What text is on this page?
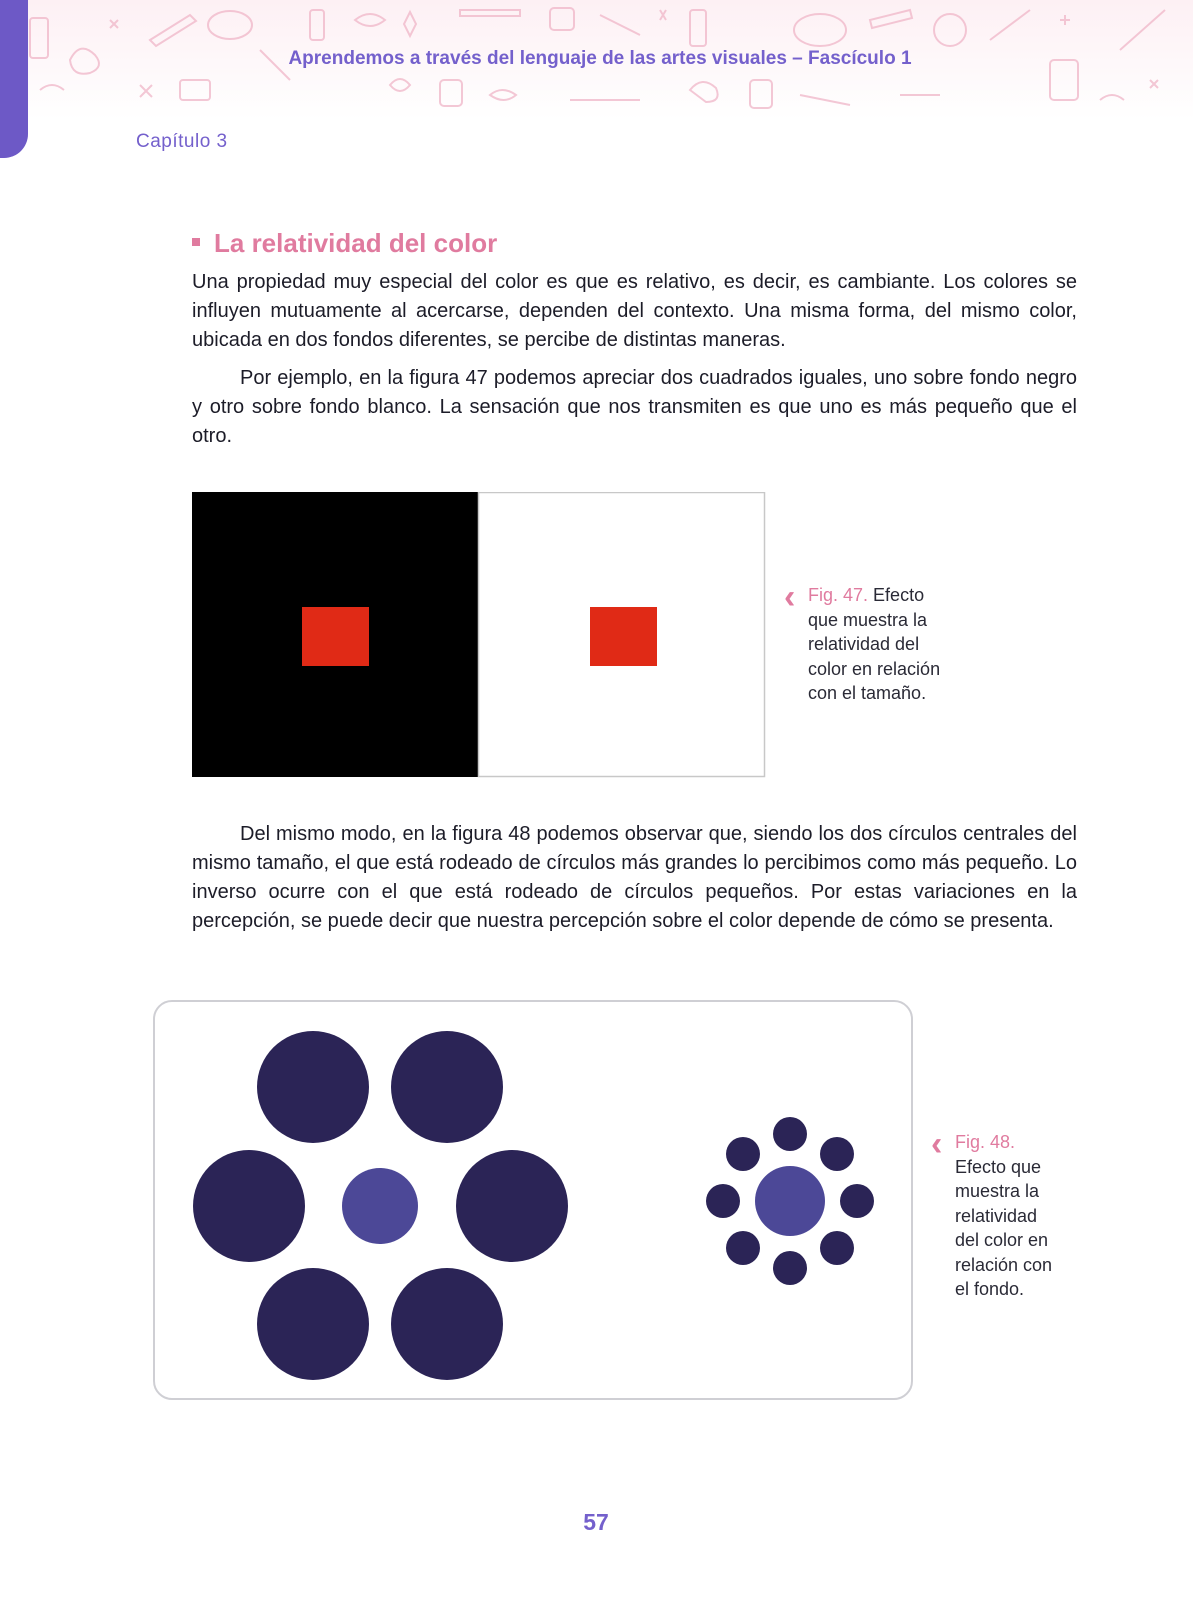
Aprendemos a través del lenguaje de las artes visuales – Fascículo 1
Capítulo 3
La relatividad del color

Una propiedad muy especial del color es que es relativo, es decir, es cambiante. Los colores se influyen mutuamente al acercarse, dependen del contexto. Una misma forma, del mismo color, ubicada en dos fondos diferentes, se percibe de distintas maneras.

Por ejemplo, en la figura 47 podemos apreciar dos cuadrados iguales, uno sobre fondo negro y otro sobre fondo blanco. La sensación que nos transmiten es que uno es más pequeño que el otro.

‹ Fig. 47. Efecto que muestra la relatividad del color en relación con el tamaño.

Del mismo modo, en la figura 48 podemos observar que, siendo los dos círculos centrales del mismo tamaño, el que está rodeado de círculos más grandes lo percibimos como más pequeño. Lo inverso ocurre con el que está rodeado de círculos pequeños. Por estas variaciones en la percepción, se puede decir que nuestra percepción sobre el color depende de cómo se presenta.

‹ Fig. 48. Efecto que muestra la relatividad del color en relación con el fondo.
57
